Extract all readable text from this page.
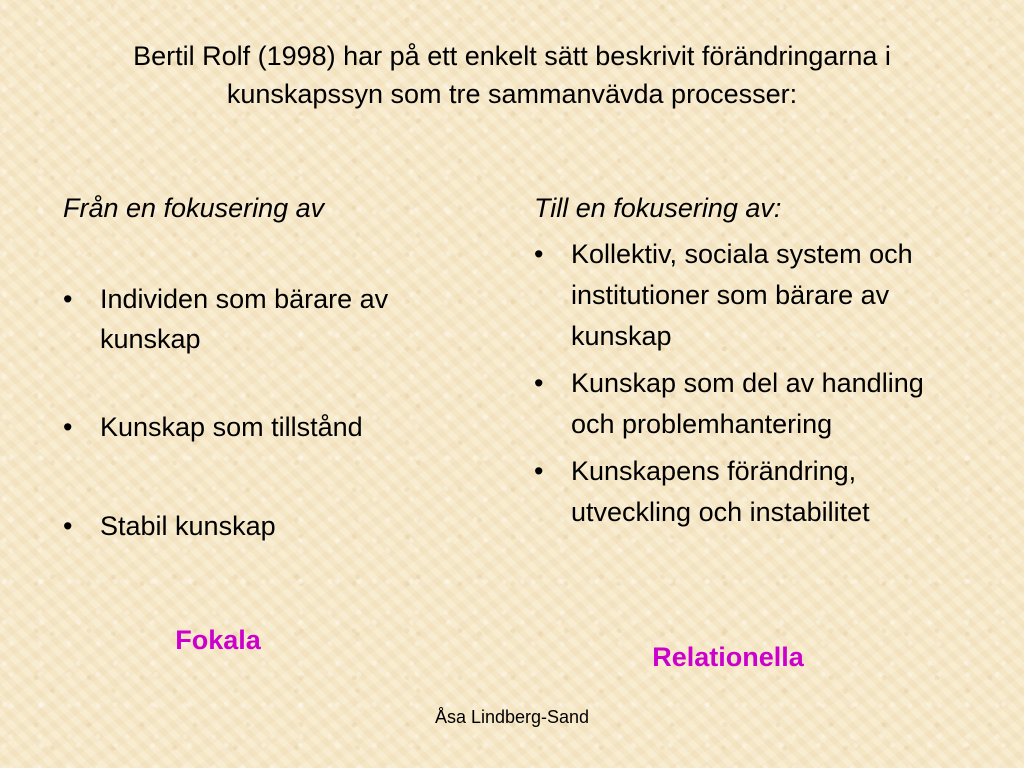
Bertil Rolf (1998) har på ett enkelt sätt beskrivit förändringarna i kunskapssyn som tre sammanvävda processer:

Från en fokusering av

• Individen som bärare av kunskap
• Kunskap som tillstånd
• Stabil kunskap

Till en fokusering av:

• Kollektiv, sociala system och institutioner som bärare av kunskap
• Kunskap som del av handling och problemhantering
• Kunskapens förändring, utveckling och instabilitet
Fokala
Relationella
Åsa Lindberg-Sand
